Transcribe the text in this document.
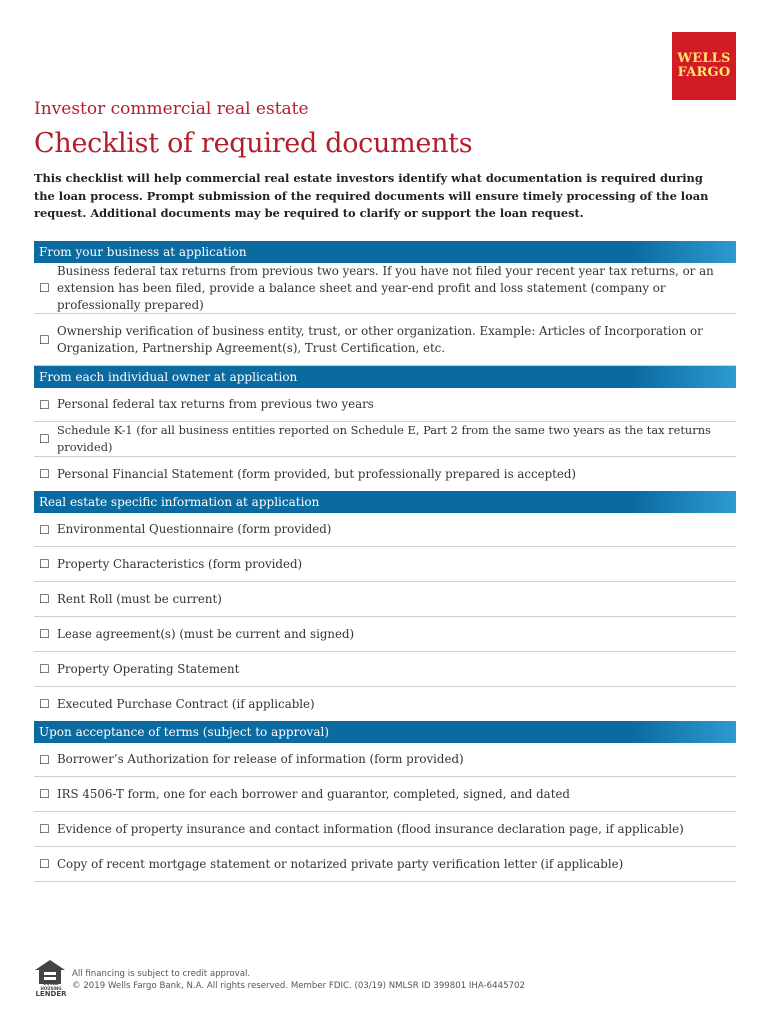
WELLS
FARGO
Investor commercial real estate
Checklist of required documents
This checklist will help commercial real estate investors identify what documentation is required during the loan process. Prompt submission of the required documents will ensure timely processing of the loan request. Additional documents may be required to clarify or support the loan request.
From your business at application
☐
Business federal tax returns from previous two years. If you have not filed your recent year tax returns, or an extension has been filed, provide a balance sheet and year-end profit and loss statement (company or professionally prepared)
☐
Ownership verification of business entity, trust, or other organization. Example: Articles of Incorporation or Organization, Partnership Agreement(s), Trust Certification, etc.
From each individual owner at application
☐ Personal federal tax returns from previous two years
☐
Schedule K-1 (for all business entities reported on Schedule E, Part 2 from the same two years as the tax returns provided)
☐ Personal Financial Statement (form provided, but professionally prepared is accepted)
Real estate specific information at application
☐ Environmental Questionnaire (form provided)
☐ Property Characteristics (form provided)
☐ Rent Roll (must be current)
☐ Lease agreement(s) (must be current and signed)
☐ Property Operating Statement
☐ Executed Purchase Contract (if applicable)
Upon acceptance of terms (subject to approval)
☐ Borrower’s Authorization for release of information (form provided)
☐ IRS 4506-T form, one for each borrower and guarantor, completed, signed, and dated
☐ Evidence of property insurance and contact information (flood insurance declaration page, if applicable)
☐ Copy of recent mortgage statement or notarized private party verification letter (if applicable)
EQUAL HOUSING
LENDER
All financing is subject to credit approval.
© 2019 Wells Fargo Bank, N.A. All rights reserved. Member FDIC. (03/19) NMLSR ID 399801 IHA-6445702
